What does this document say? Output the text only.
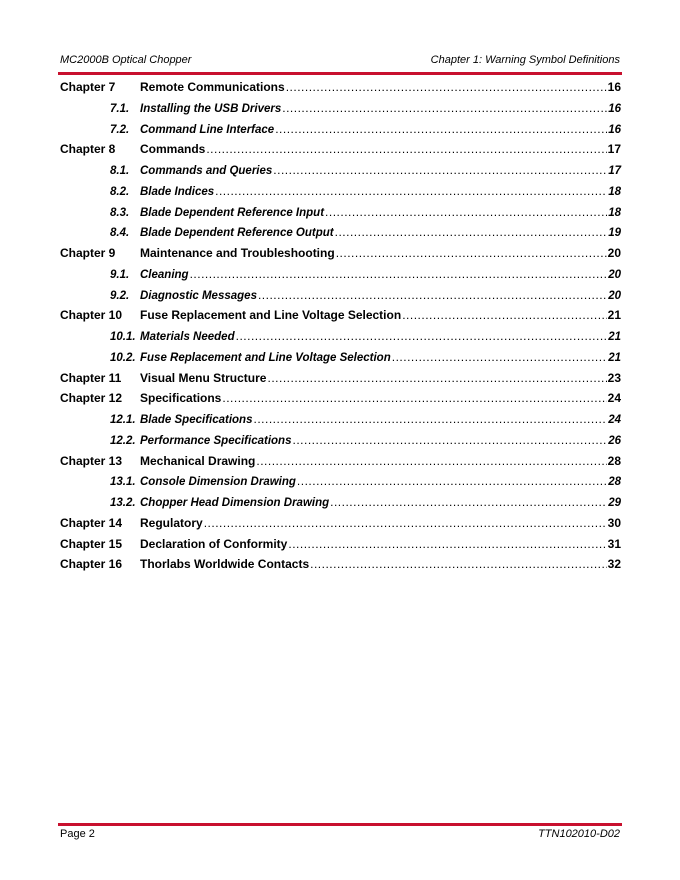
MC2000B Optical Chopper	Chapter 1: Warning Symbol Definitions
Chapter 7	Remote Communications .....	16
7.1. Installing the USB Drivers .....	16
7.2. Command Line Interface .....	16
Chapter 8	Commands .....	17
8.1. Commands and Queries .....	17
8.2. Blade Indices .....	18
8.3. Blade Dependent Reference Input .....	18
8.4. Blade Dependent Reference Output .....	19
Chapter 9	Maintenance and Troubleshooting .....	20
9.1. Cleaning .....	20
9.2. Diagnostic Messages .....	20
Chapter 10	Fuse Replacement and Line Voltage Selection .....	21
10.1. Materials Needed .....	21
10.2. Fuse Replacement and Line Voltage Selection .....	21
Chapter 11	Visual Menu Structure .....	23
Chapter 12	Specifications .....	24
12.1. Blade Specifications .....	24
12.2. Performance Specifications .....	26
Chapter 13	Mechanical Drawing .....	28
13.1. Console Dimension Drawing .....	28
13.2. Chopper Head Dimension Drawing .....	29
Chapter 14	Regulatory .....	30
Chapter 15	Declaration of Conformity .....	31
Chapter 16	Thorlabs Worldwide Contacts .....	32
Page 2	TTN102010-D02
